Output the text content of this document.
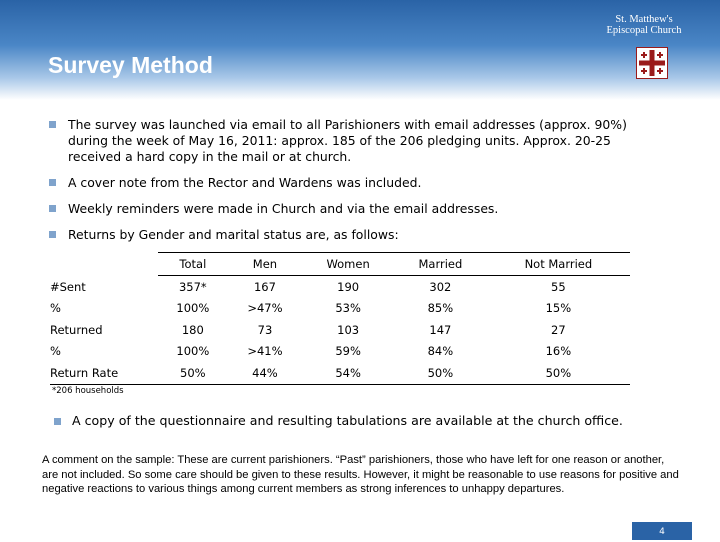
Survey Method
St. Matthew's
Episcopal Church
The survey was launched via email to all Parishioners with email addresses (approx. 90%) during the week of May 16, 2011: approx. 185 of the 206 pledging units. Approx. 20-25 received a hard copy in the mail or at church.
A cover note from the Rector and Wardens was included.
Weekly reminders were made in Church and via the email addresses.
Returns by Gender and marital status are, as follows:
	Total	Men	Women	Married	Not Married
#Sent	357*	167	190	302	55
%	100%	>47%	53%	85%	15%
Returned	180	73	103	147	27
%	100%	>41%	59%	84%	16%
Return Rate	50%	44%	54%	50%	50%
*206 households
A copy of the questionnaire and resulting tabulations are available at the church office.
A comment on the sample: These are current parishioners. “Past” parishioners, those who have left for one reason or another, are not included. So some care should be given to these results. However, it might be reasonable to use reasons for positive and negative reactions to various things among current members as strong inferences to unhappy departures.
4
